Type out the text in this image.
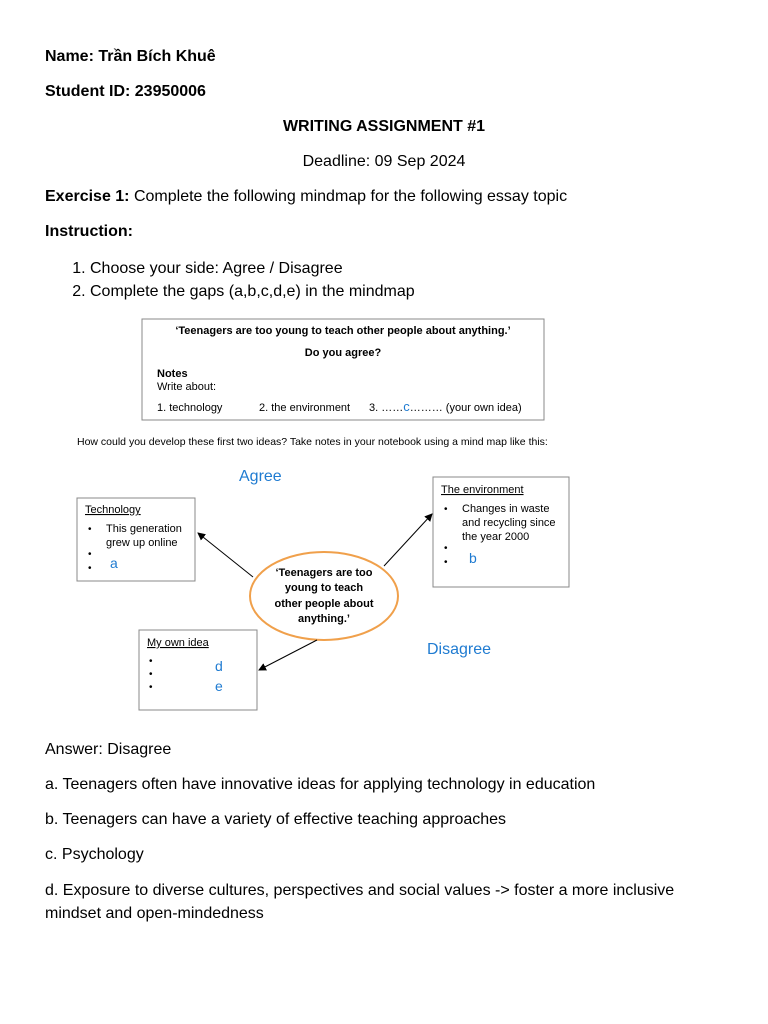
Name: Trần Bích Khuê
Student ID: 23950006
WRITING ASSIGNMENT #1
Deadline: 09 Sep 2024
Exercise 1: Complete the following mindmap for the following essay topic
Instruction:
1. Choose your side: Agree / Disagree
2. Complete the gaps (a,b,c,d,e) in the mindmap
‘Teenagers are too young to teach other people about anything.’
Do you agree?
Notes
Write about:
1. technology	2. the environment 3. ……c……… (your own idea)
How could you develop these first two ideas? Take notes in your notebook using a mind map like this:
Agree
Disagree
Technology
• This generation
grew up online
•
• a
The environment
• Changes in waste
and recycling since
the year 2000
•
• b
My own idea
•
•
•
d
e
‘Teenagers are too
young to teach
other people about
anything.’
Answer: Disagree
a. Teenagers often have innovative ideas for applying technology in education
b. Teenagers can have a variety of effective teaching approaches
c. Psychology
d. Exposure to diverse cultures, perspectives and social values -> foster a more inclusive mindset and open-mindedness
